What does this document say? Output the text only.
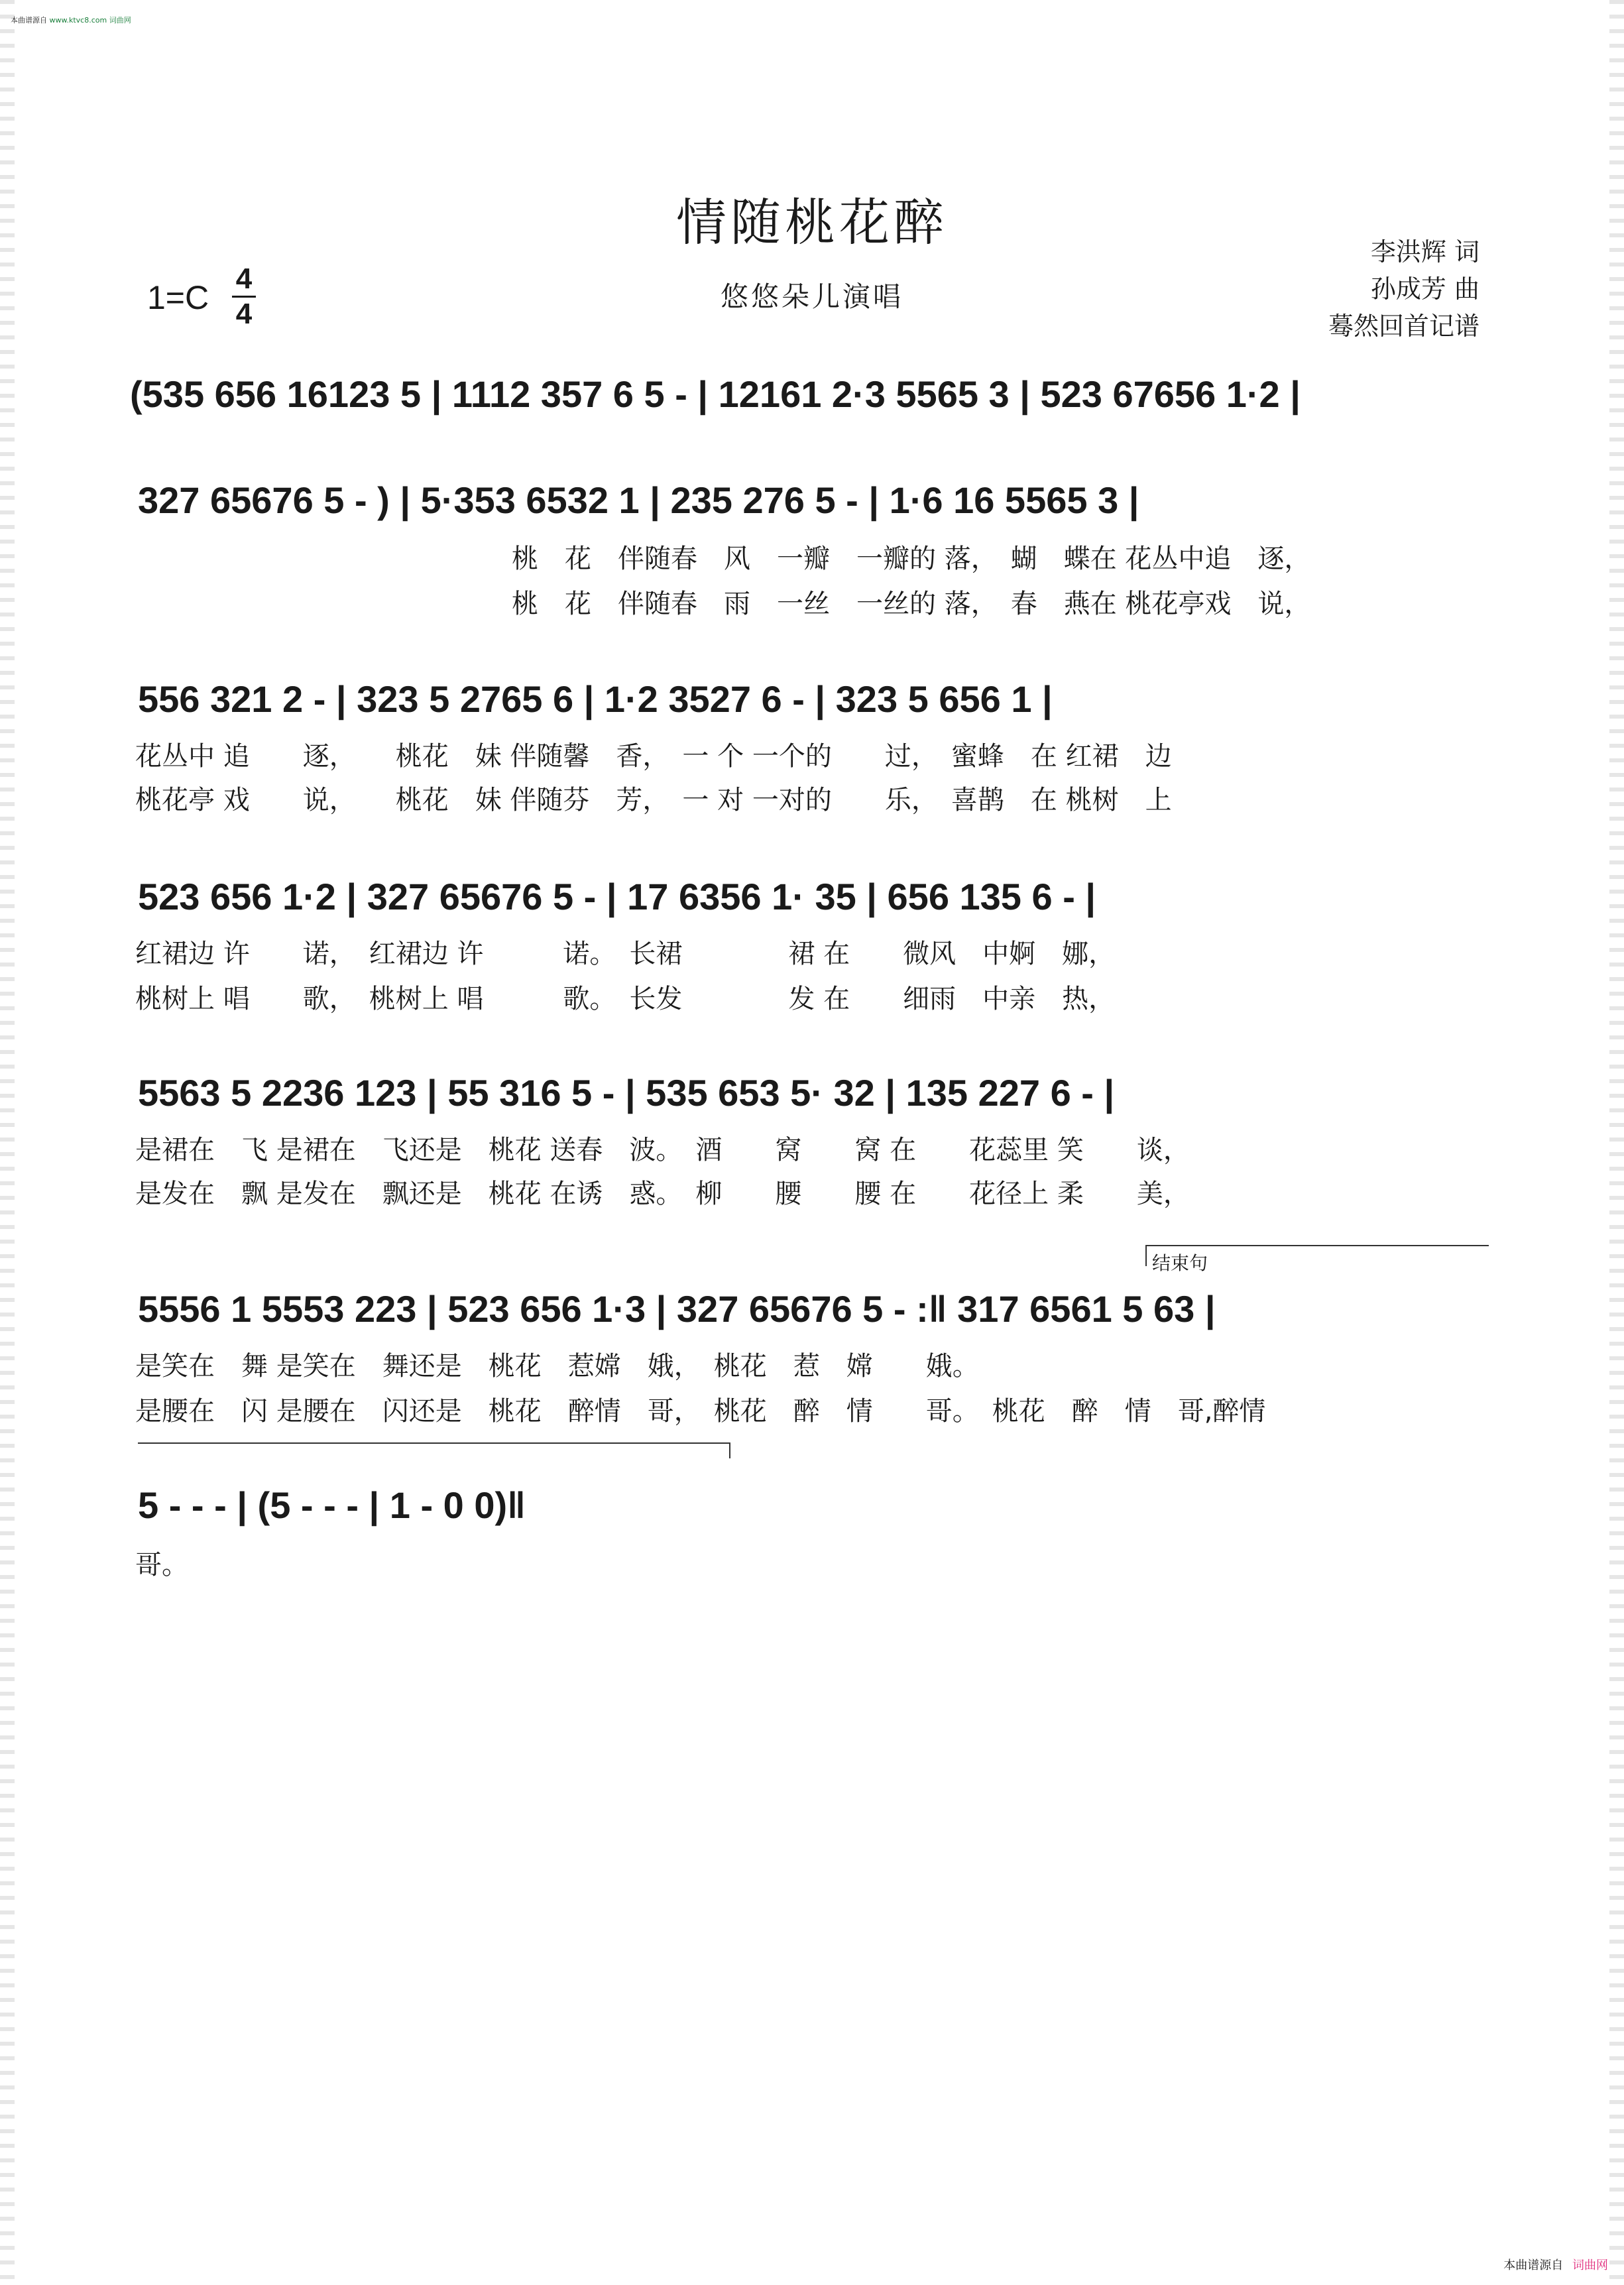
本曲谱源自 www.ktvc8.com 词曲网
情随桃花醉
悠悠朵儿演唱
1=C
4
4
李洪辉 词
孙成芳 曲
蓦然回首记谱
(535 656 16123 5 | 1112 357 6 5 - | 12161 2·3 5565 3 | 523 67656 1·2 |
327 65676 5 - ) | 5·353 6532 1 | 235 276 5 - | 1·6 16 5565 3 |
桃　花　伴随春　风　一瓣　一瓣的 落，　蝴　蝶在 花丛中追　逐，
桃　花　伴随春　雨　一丝　一丝的 落，　春　燕在 桃花亭戏　说，
556 321 2 - | 323 5 2765 6 | 1·2 3527 6 - | 323 5 656 1 |
花丛中 追　　逐，　　桃花　妹 伴随馨　香，　一 个 一个的　　过，　蜜蜂　在 红裙　边
桃花亭 戏　　说，　　桃花　妹 伴随芬　芳，　一 对 一对的　　乐，　喜鹊　在 桃树　上
523 656 1·2 | 327 65676 5 - | 17 6356 1· 35 | 656 135 6 - |
红裙边 许　　诺，　红裙边 许　　　诺。　长裙　　　　裙 在　　微风　中婀　娜，
桃树上 唱　　歌，　桃树上 唱　　　歌。　长发　　　　发 在　　细雨　中亲　热，
5563 5 2236 123 | 55 316 5 - | 535 653 5· 32 | 135 227 6 - |
是裙在　飞 是裙在　飞还是　桃花 送春　波。　酒　　窝　　窝 在　　花蕊里 笑　　谈，
是发在　飘 是发在　飘还是　桃花 在诱　惑。　柳　　腰　　腰 在　　花径上 柔　　美，
结束句
5556 1 5553 223 | 523 656 1·3 | 327 65676 5 - :‖ 317 6561 5 63 |
是笑在　舞 是笑在　舞还是　桃花　惹嫦　娥，　桃花　惹　嫦　　娥。
是腰在　闪 是腰在　闪还是　桃花　醉情　哥，　桃花　醉　情　　哥。　桃花　醉　情　哥,醉情
5 - - - | (5 - - - | 1 - 0 0)‖
哥。
本曲谱源自 词曲网
